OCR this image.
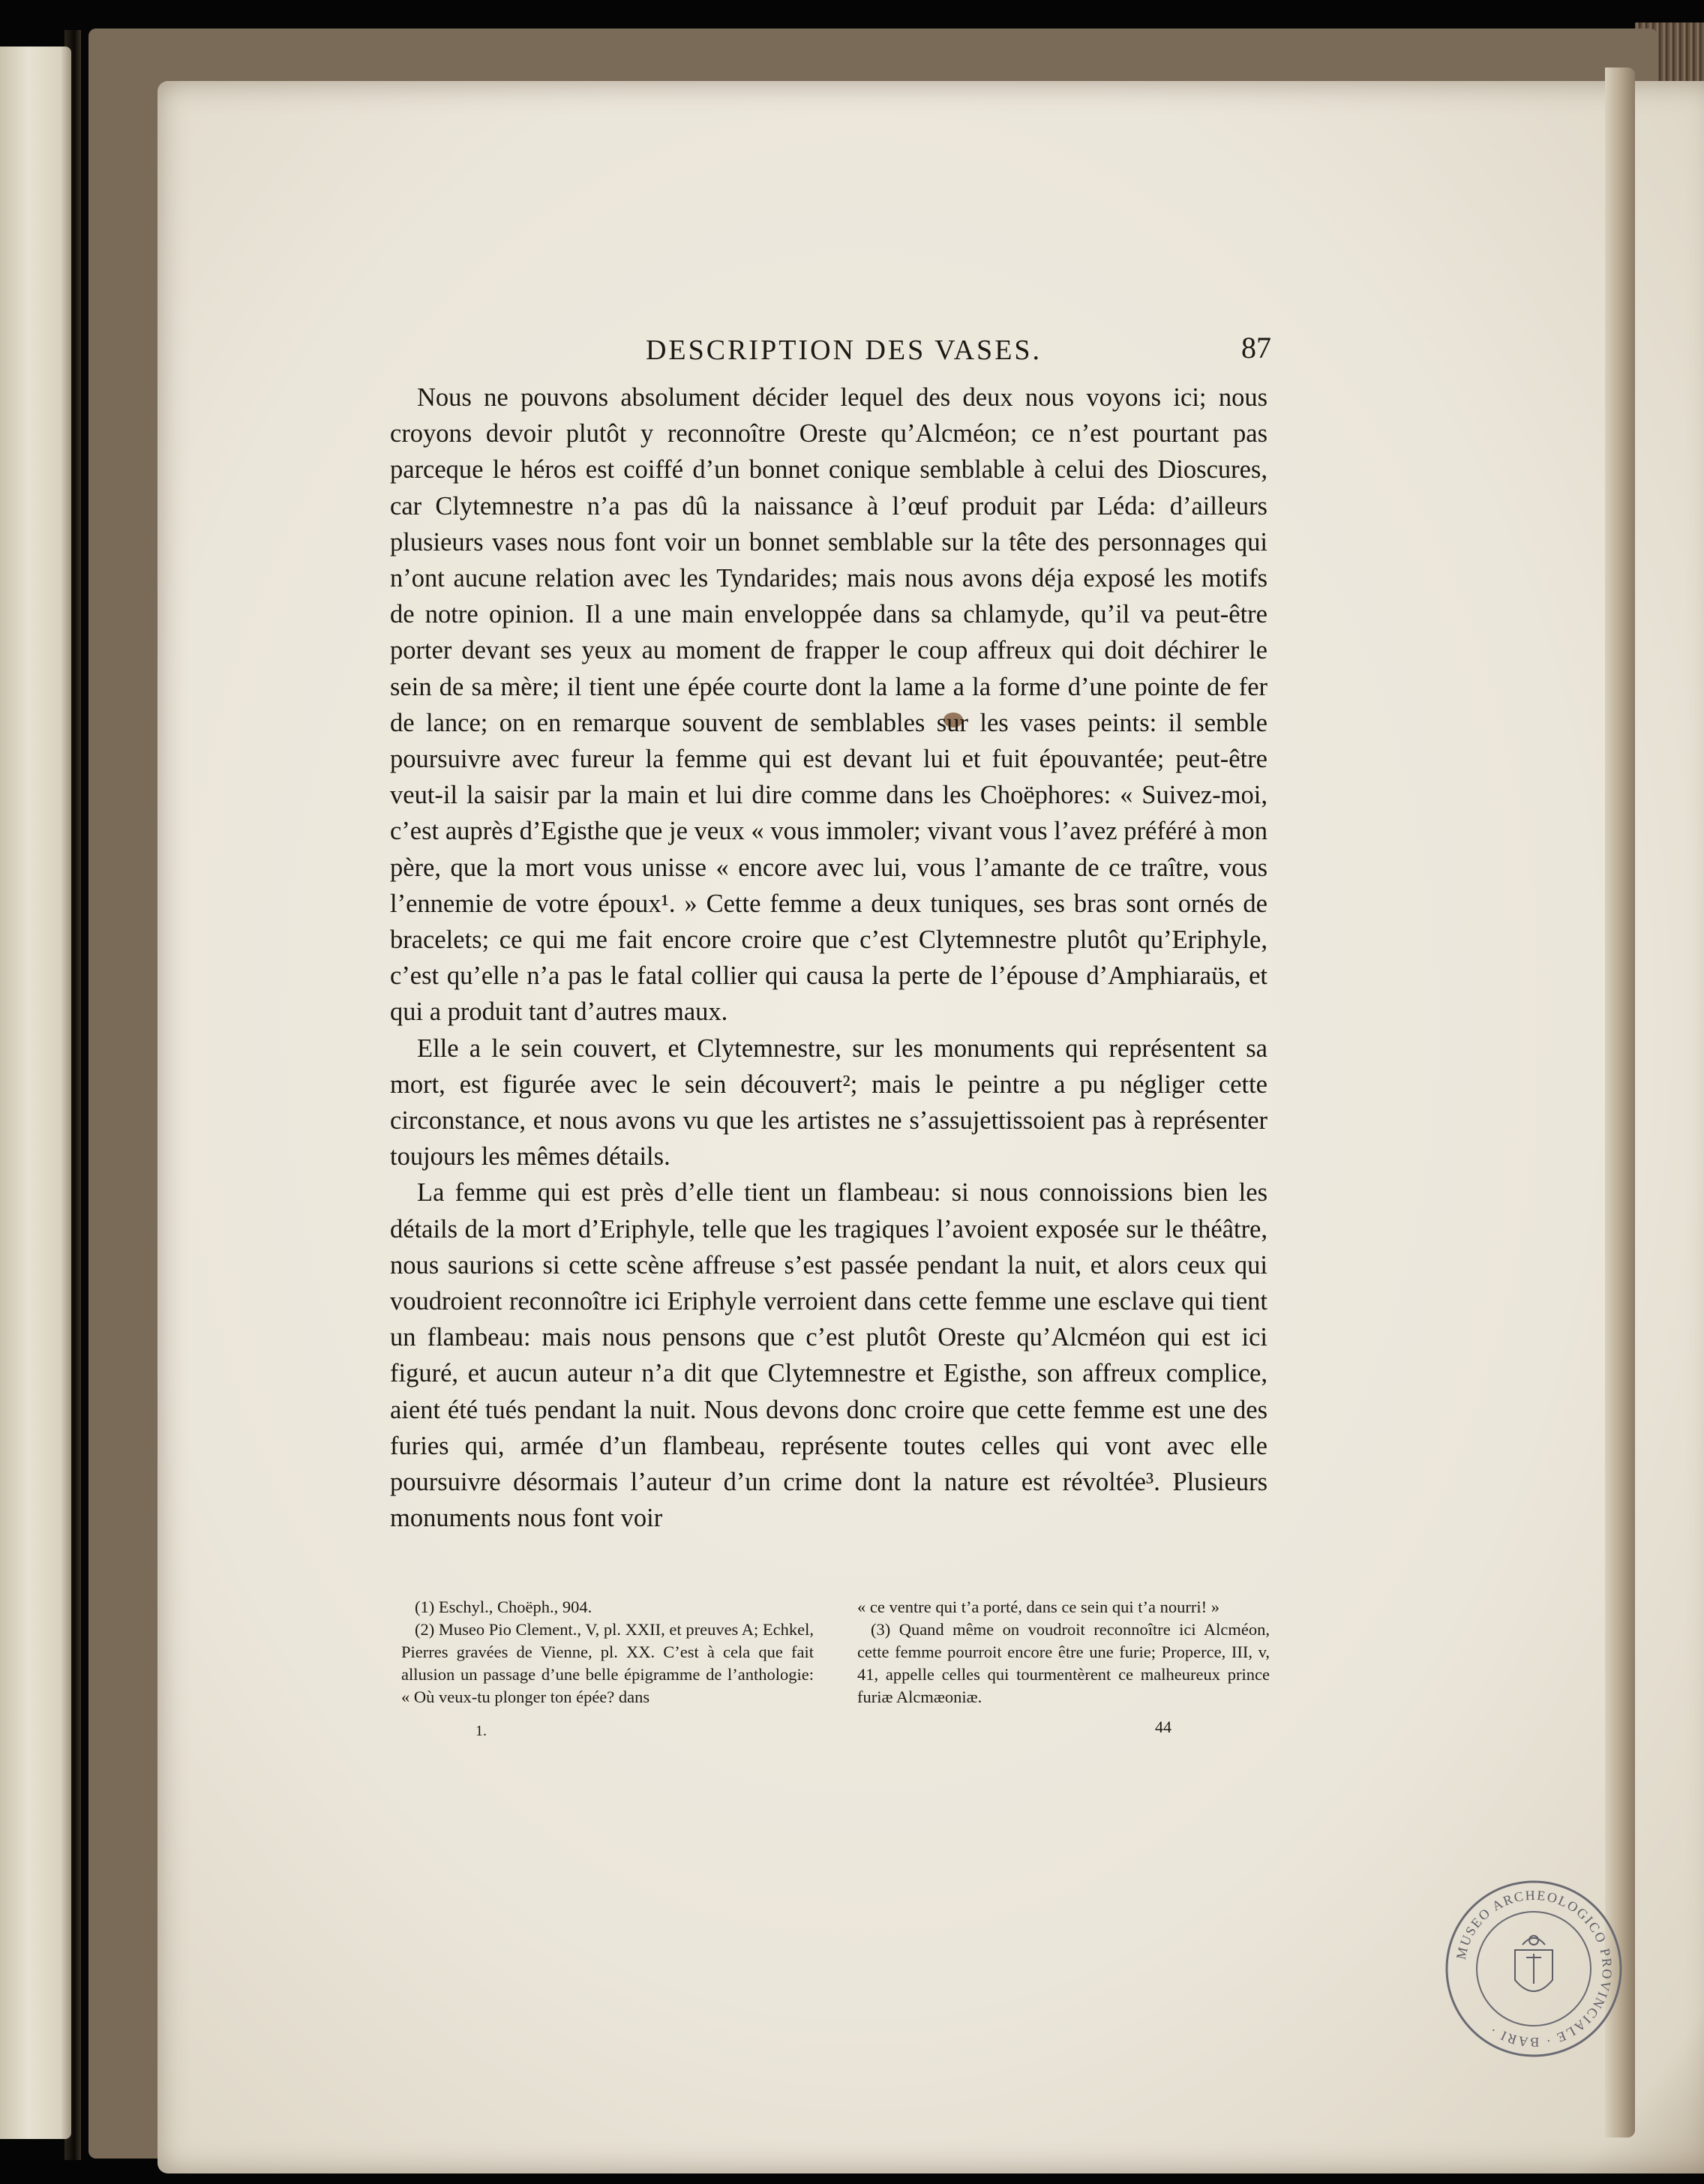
DESCRIPTION DES VASES.	87

Nous ne pouvons absolument décider lequel des deux nous voyons ici; nous croyons devoir plutôt y reconnoître Oreste qu’Alcméon; ce n’est pourtant pas parceque le héros est coiffé d’un bonnet conique semblable à celui des Dioscures, car Clytemnestre n’a pas dû la naissance à l’œuf produit par Léda: d’ailleurs plusieurs vases nous font voir un bonnet semblable sur la tête des personnages qui n’ont aucune relation avec les Tyndarides; mais nous avons déja exposé les motifs de notre opinion. Il a une main enveloppée dans sa chlamyde, qu’il va peut-être porter devant ses yeux au moment de frapper le coup affreux qui doit déchirer le sein de sa mère; il tient une épée courte dont la lame a la forme d’une pointe de fer de lance; on en remarque souvent de semblables sur les vases peints: il semble poursuivre avec fureur la femme qui est devant lui et fuit épouvantée; peut-être veut-il la saisir par la main et lui dire comme dans les Choëphores: « Suivez-moi, c’est auprès d’Egisthe que je veux « vous immoler; vivant vous l’avez préféré à mon père, que la mort vous unisse « encore avec lui, vous l’amante de ce traître, vous l’ennemie de votre époux¹. » Cette femme a deux tuniques, ses bras sont ornés de bracelets; ce qui me fait encore croire que c’est Clytemnestre plutôt qu’Eriphyle, c’est qu’elle n’a pas le fatal collier qui causa la perte de l’épouse d’Amphiaraüs, et qui a produit tant d’autres maux.

Elle a le sein couvert, et Clytemnestre, sur les monuments qui représentent sa mort, est figurée avec le sein découvert²; mais le peintre a pu négliger cette circonstance, et nous avons vu que les artistes ne s’assujettissoient pas à représenter toujours les mêmes détails.

La femme qui est près d’elle tient un flambeau: si nous connoissions bien les détails de la mort d’Eriphyle, telle que les tragiques l’avoient exposée sur le théâtre, nous saurions si cette scène affreuse s’est passée pendant la nuit, et alors ceux qui voudroient reconnoître ici Eriphyle verroient dans cette femme une esclave qui tient un flambeau: mais nous pensons que c’est plutôt Oreste qu’Alcméon qui est ici figuré, et aucun auteur n’a dit que Clytemnestre et Egisthe, son affreux complice, aient été tués pendant la nuit. Nous devons donc croire que cette femme est une des furies qui, armée d’un flambeau, représente toutes celles qui vont avec elle poursuivre désormais l’auteur d’un crime dont la nature est révoltée³. Plusieurs monuments nous font voir

(1) Eschyl., Choëph., 904.

(2) Museo Pio Clement., V, pl. XXII, et preuves A; Echkel, Pierres gravées de Vienne, pl. XX. C’est à cela que fait allusion un passage d’une belle épigramme de l’anthologie: « Où veux-tu plonger ton épée? dans

« ce ventre qui t’a porté, dans ce sein qui t’a nourri! »

(3) Quand même on voudroit reconnoître ici Alcméon, cette femme pourroit encore être une furie; Properce, III, v, 41, appelle celles qui tourmentèrent ce malheureux prince furiæ Alcmæoniæ.

1.	44
MUSEO ARCHEOLOGICO PROVINCIALE · BARI ·
